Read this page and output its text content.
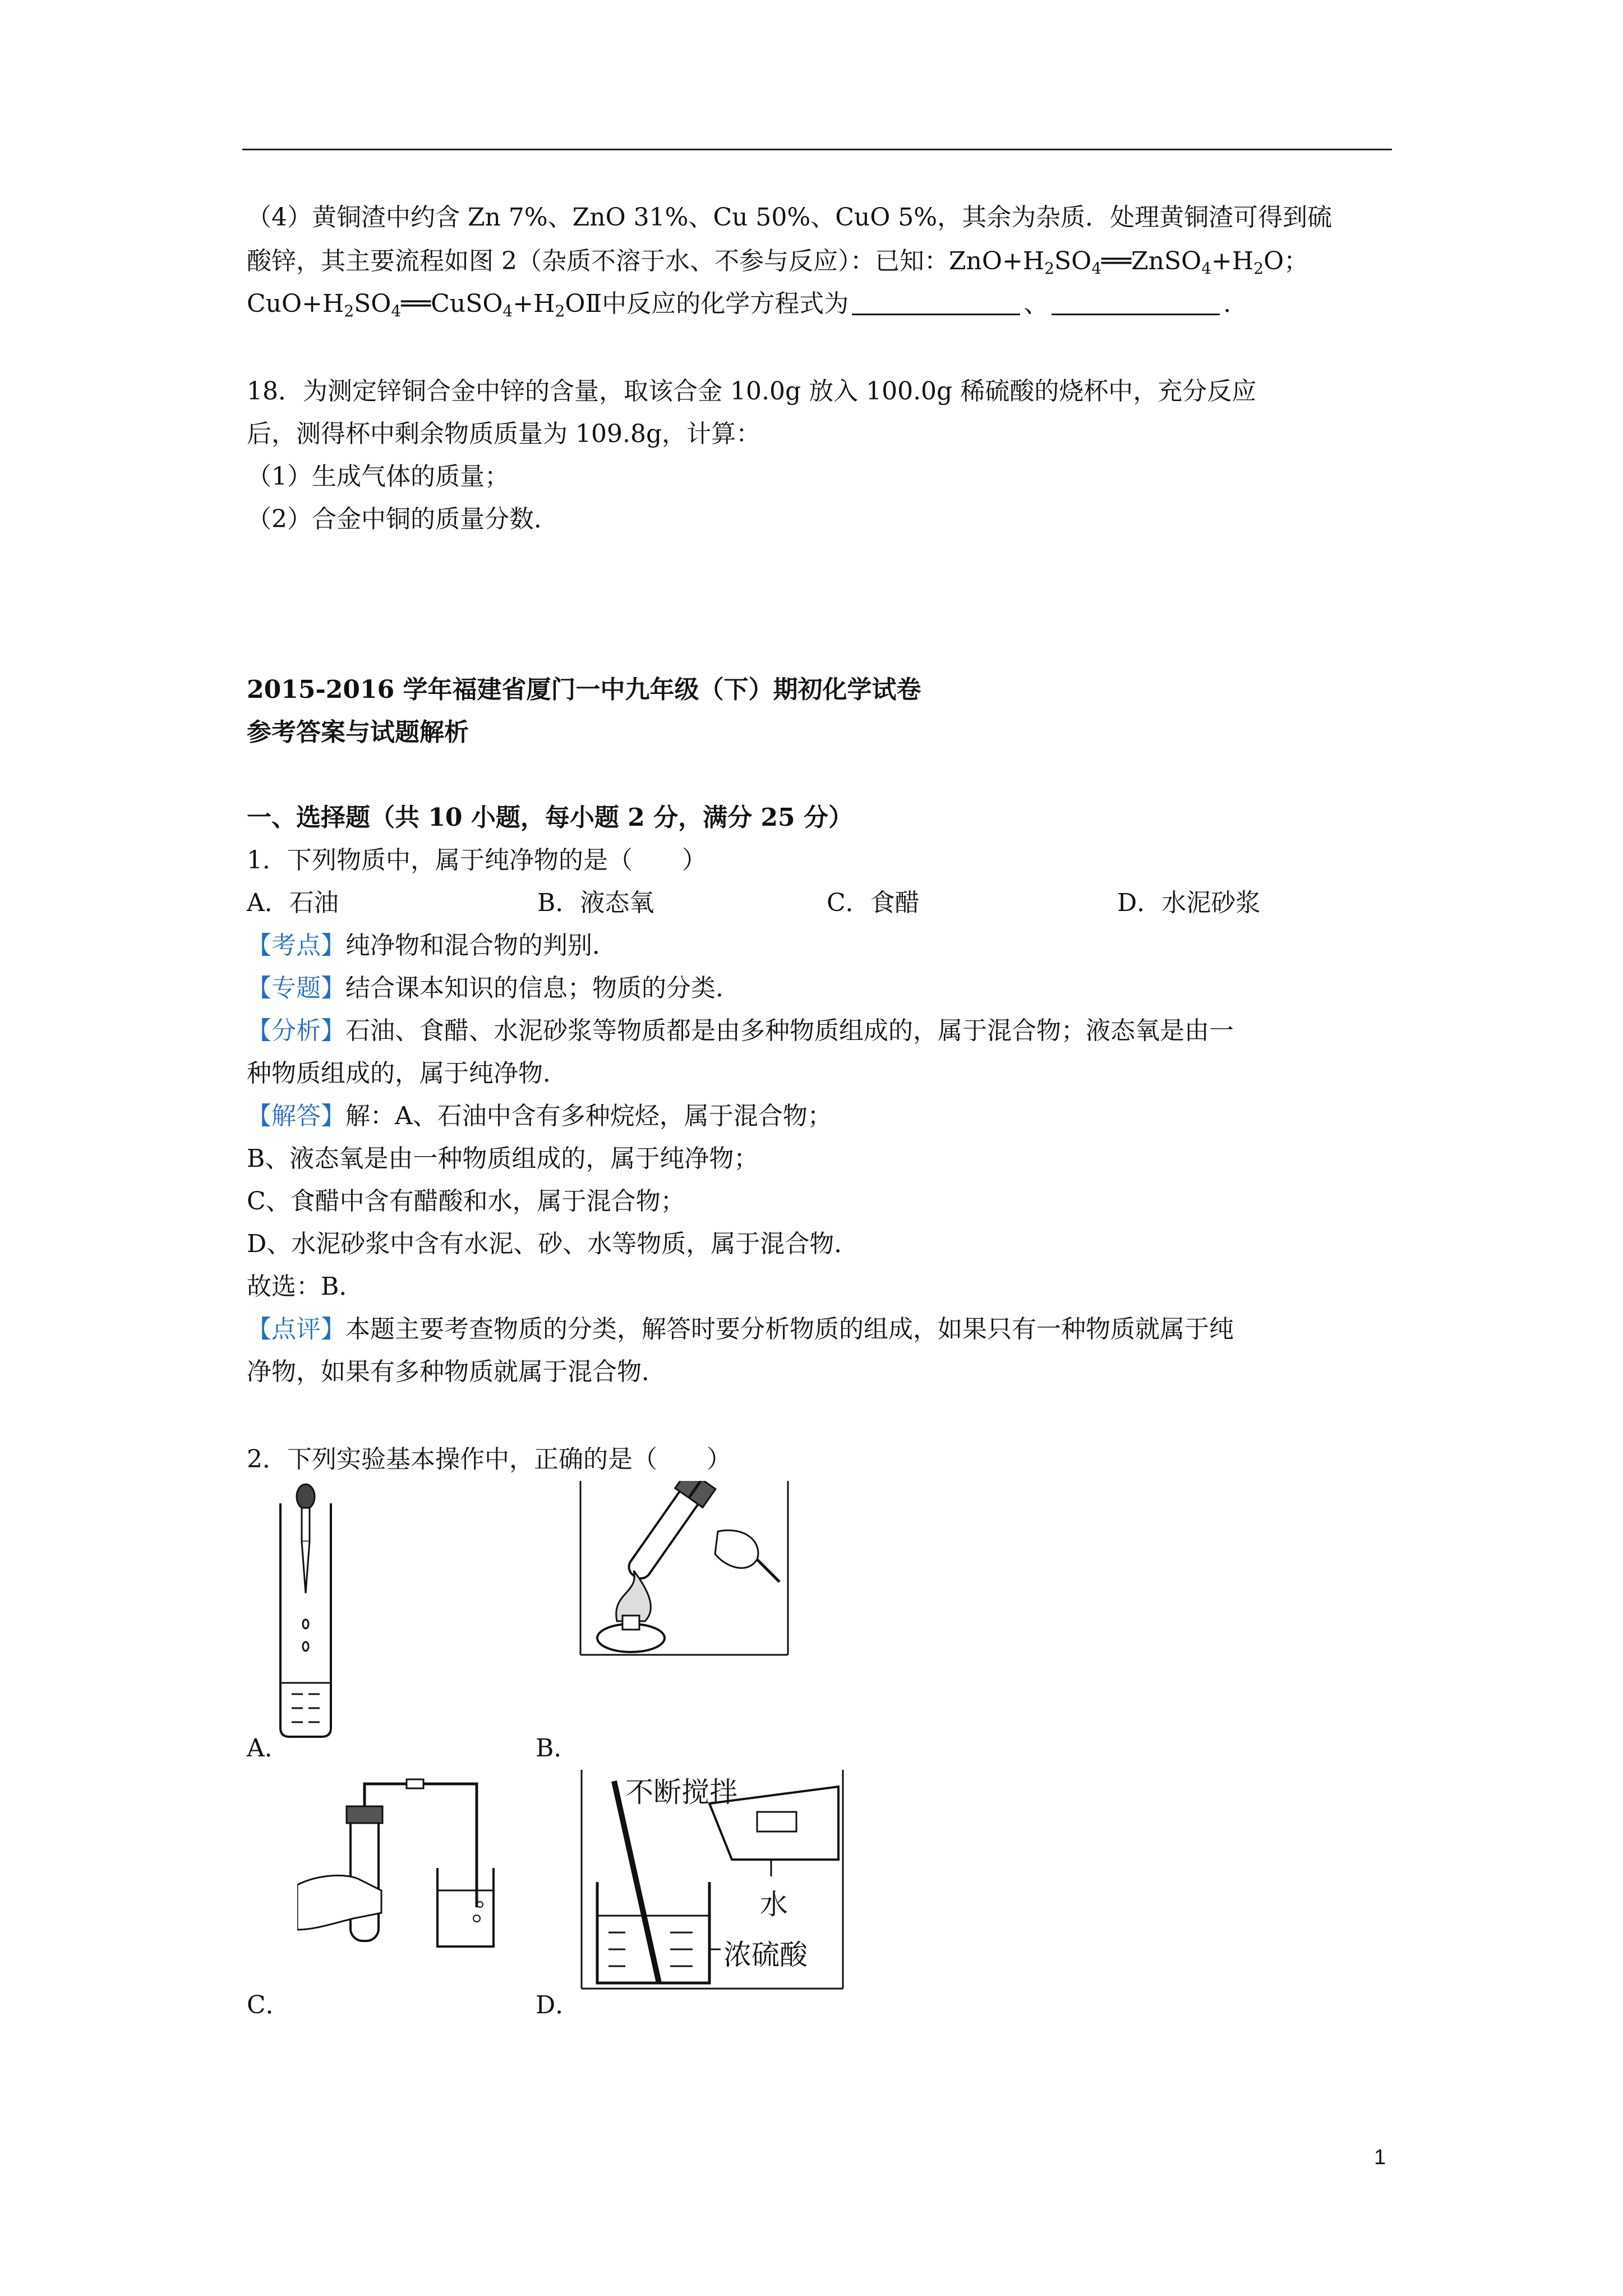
（4）黄铜渣中约含 Zn 7%、ZnO 31%、Cu 50%、CuO 5%，其余为杂质．处理黄铜渣可得到硫
酸锌，其主要流程如图 2（杂质不溶于水、不参与反应）：已知：$ZnO+H_2SO_4══ZnSO_4+H_2O$；
$CuO+H_2SO_4══CuSO_4+H_2OⅡ$中反应的化学方程式为	、	.
18．为测定锌铜合金中锌的含量，取该合金 10.0g 放入 100.0g 稀硫酸的烧杯中，充分反应
后，测得杯中剩余物质质量为 109.8g，计算：
（1）生成气体的质量；
（2）合金中铜的质量分数．
2015-2016 学年福建省厦门一中九年级（下）期初化学试卷
参考答案与试题解析
一、选择题（共 10 小题，每小题 2 分，满分 25 分）
1．下列物质中，属于纯净物的是（　　）
A．石油	B．液态氧	C．食醋	D．水泥砂浆
【考点】纯净物和混合物的判别．
【专题】结合课本知识的信息；物质的分类．
【分析】石油、食醋、水泥砂浆等物质都是由多种物质组成的，属于混合物；液态氧是由一
种物质组成的，属于纯净物．
【解答】解：A、石油中含有多种烷烃，属于混合物；
B、液态氧是由一种物质组成的，属于纯净物；
C、食醋中含有醋酸和水，属于混合物；
D、水泥砂浆中含有水泥、砂、水等物质，属于混合物．
故选：B．
【点评】本题主要考查物质的分类，解答时要分析物质的组成，如果只有一种物质就属于纯
净物，如果有多种物质就属于混合物．
2．下列实验基本操作中，正确的是（　　）
A．	B．
C．
不断搅拌
水
浓硫酸
D．
1
